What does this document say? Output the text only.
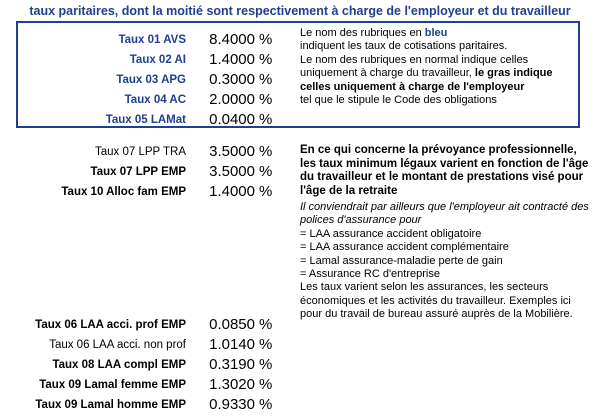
taux paritaires, dont la moitié sont respectivement à charge de l'employeur et du travailleur
Taux 01 AVS	8.4000 %
Taux 02 AI	1.4000 %
Taux 03 APG	0.3000 %
Taux 04 AC	2.0000 %
Taux 05 LAMat	0.0400 %
Le nom des rubriques en bleu
indiquent les taux de cotisations paritaires.
Le nom des rubriques en normal indique celles uniquement à charge du travailleur, le gras indique celles uniquement à charge de l'employeur
tel que le stipule le Code des obligations
Taux 07 LPP TRA	3.5000 %
Taux 07 LPP EMP	3.5000 %
Taux 10 Alloc fam EMP	1.4000 %
En ce qui concerne la prévoyance professionnelle, les taux minimum légaux varient en fonction de l'âge du travailleur et le montant de prestations visé pour l'âge de la retraite
Il conviendrait par ailleurs que l'employeur ait contracté des polices d'assurance pour
= LAA assurance accident obligatoire
= LAA assurance accident complémentaire
= Lamal assurance-maladie perte de gain
= Assurance RC d'entreprise
Les taux varient selon les assurances, les secteurs économiques et les activités du travailleur. Exemples ici pour du travail de bureau assuré auprès de la Mobilière.
Taux 06 LAA acci. prof EMP	0.0850 %
Taux 06 LAA acci. non prof	1.0140 %
Taux 08 LAA compl EMP	0.3190 %
Taux 09 Lamal femme EMP	1.3020 %
Taux 09 Lamal homme EMP	0.9330 %
